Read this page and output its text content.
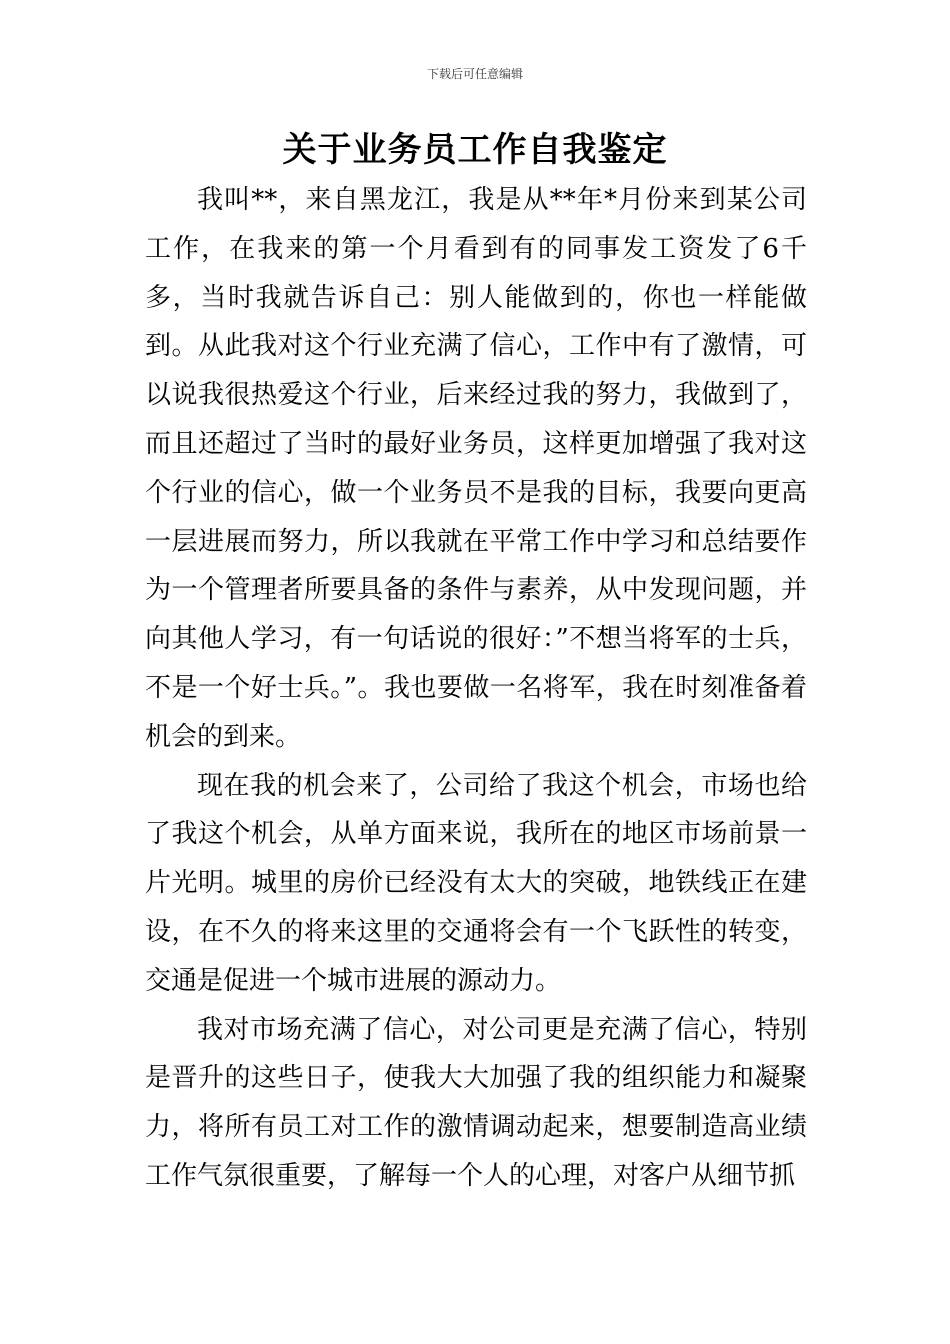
下载后可任意编辑
关于业务员工作自我鉴定

我叫**，来自黑龙江，我是从**年*月份来到某公司工作，在我来的第一个月看到有的同事发工资发了6千多，当时我就告诉自己：别人能做到的，你也一样能做到。从此我对这个行业充满了信心，工作中有了激情，可以说我很热爱这个行业，后来经过我的努力，我做到了，而且还超过了当时的最好业务员，这样更加增强了我对这个行业的信心，做一个业务员不是我的目标，我要向更高一层进展而努力，所以我就在平常工作中学习和总结要作为一个管理者所要具备的条件与素养，从中发现问题，并向其他人学习，有一句话说的很好：”不想当将军的士兵，不是一个好士兵。”。我也要做一名将军，我在时刻准备着机会的到来。

现在我的机会来了，公司给了我这个机会，市场也给了我这个机会，从单方面来说，我所在的地区市场前景一片光明。城里的房价已经没有太大的突破，地铁线正在建设，在不久的将来这里的交通将会有一个飞跃性的转变，交通是促进一个城市进展的源动力。

我对市场充满了信心，对公司更是充满了信心，特别是晋升的这些日子，使我大大加强了我的组织能力和凝聚力，将所有员工对工作的激情调动起来，想要制造高业绩工作气氛很重要，了解每一个人的心理，对客户从细节抓
